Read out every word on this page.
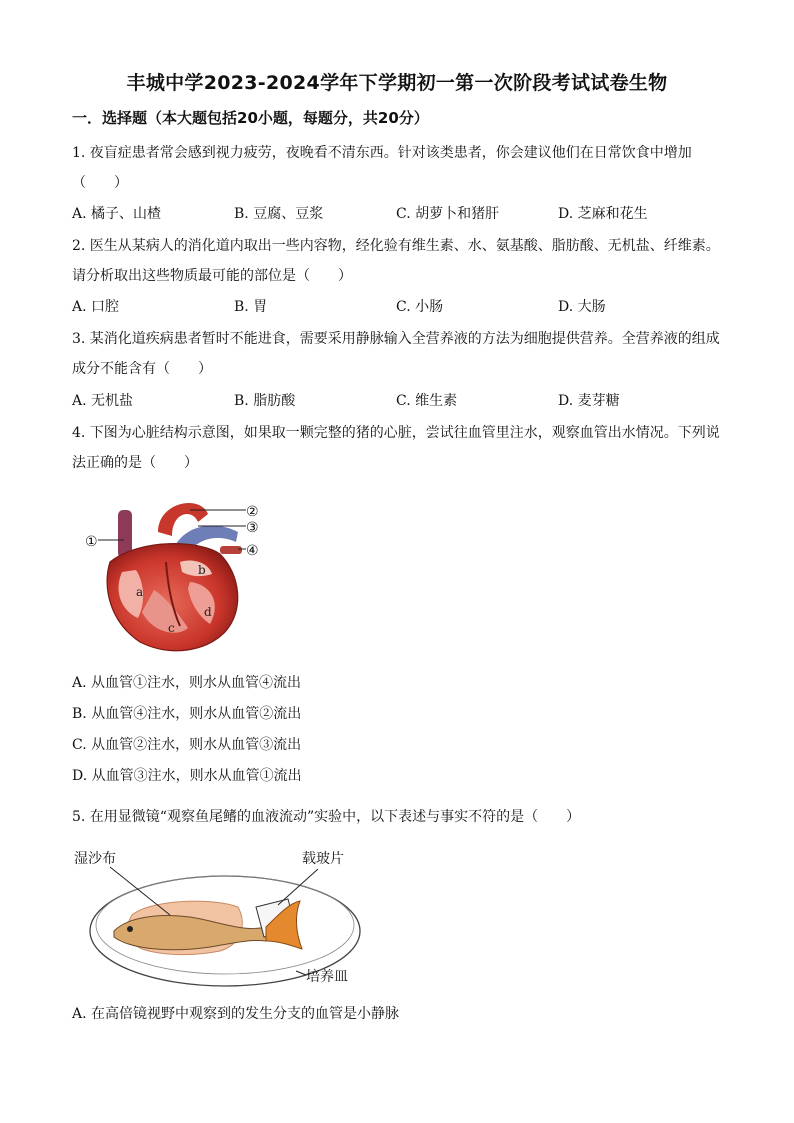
丰城中学2023-2024学年下学期初一第一次阶段考试试卷生物
一．选择题（本大题包括20小题，每题分，共20分）
1. 夜盲症患者常会感到视力疲劳，夜晚看不清东西。针对该类患者，你会建议他们在日常饮食中增加
（　　）
A. 橘子、山楂	B. 豆腐、豆浆	C. 胡萝卜和猪肝	D. 芝麻和花生
2. 医生从某病人的消化道内取出一些内容物，经化验有维生素、水、氨基酸、脂肪酸、无机盐、纤维素。
请分析取出这些物质最可能的部位是（　　）
A. 口腔	B. 胃	C. 小肠	D. 大肠
3. 某消化道疾病患者暂时不能进食，需要采用静脉输入全营养液的方法为细胞提供营养。全营养液的组成
成分不能含有（　　）
A. 无机盐	B. 脂肪酸	C. 维生素	D. 麦芽糖
4. 下图为心脏结构示意图，如果取一颗完整的猪的心脏，尝试往血管里注水，观察血管出水情况。下列说
法正确的是（　　）
①
②
③
④
a
b
c
d
A. 从血管①注水，则水从血管④流出
B. 从血管④注水，则水从血管②流出
C. 从血管②注水，则水从血管③流出
D. 从血管③注水，则水从血管①流出
5. 在用显微镜“观察鱼尾鳍的血液流动”实验中，以下表述与事实不符的是（　　）
湿沙布	载玻片
培养皿
A. 在高倍镜视野中观察到的发生分支的血管是小静脉
